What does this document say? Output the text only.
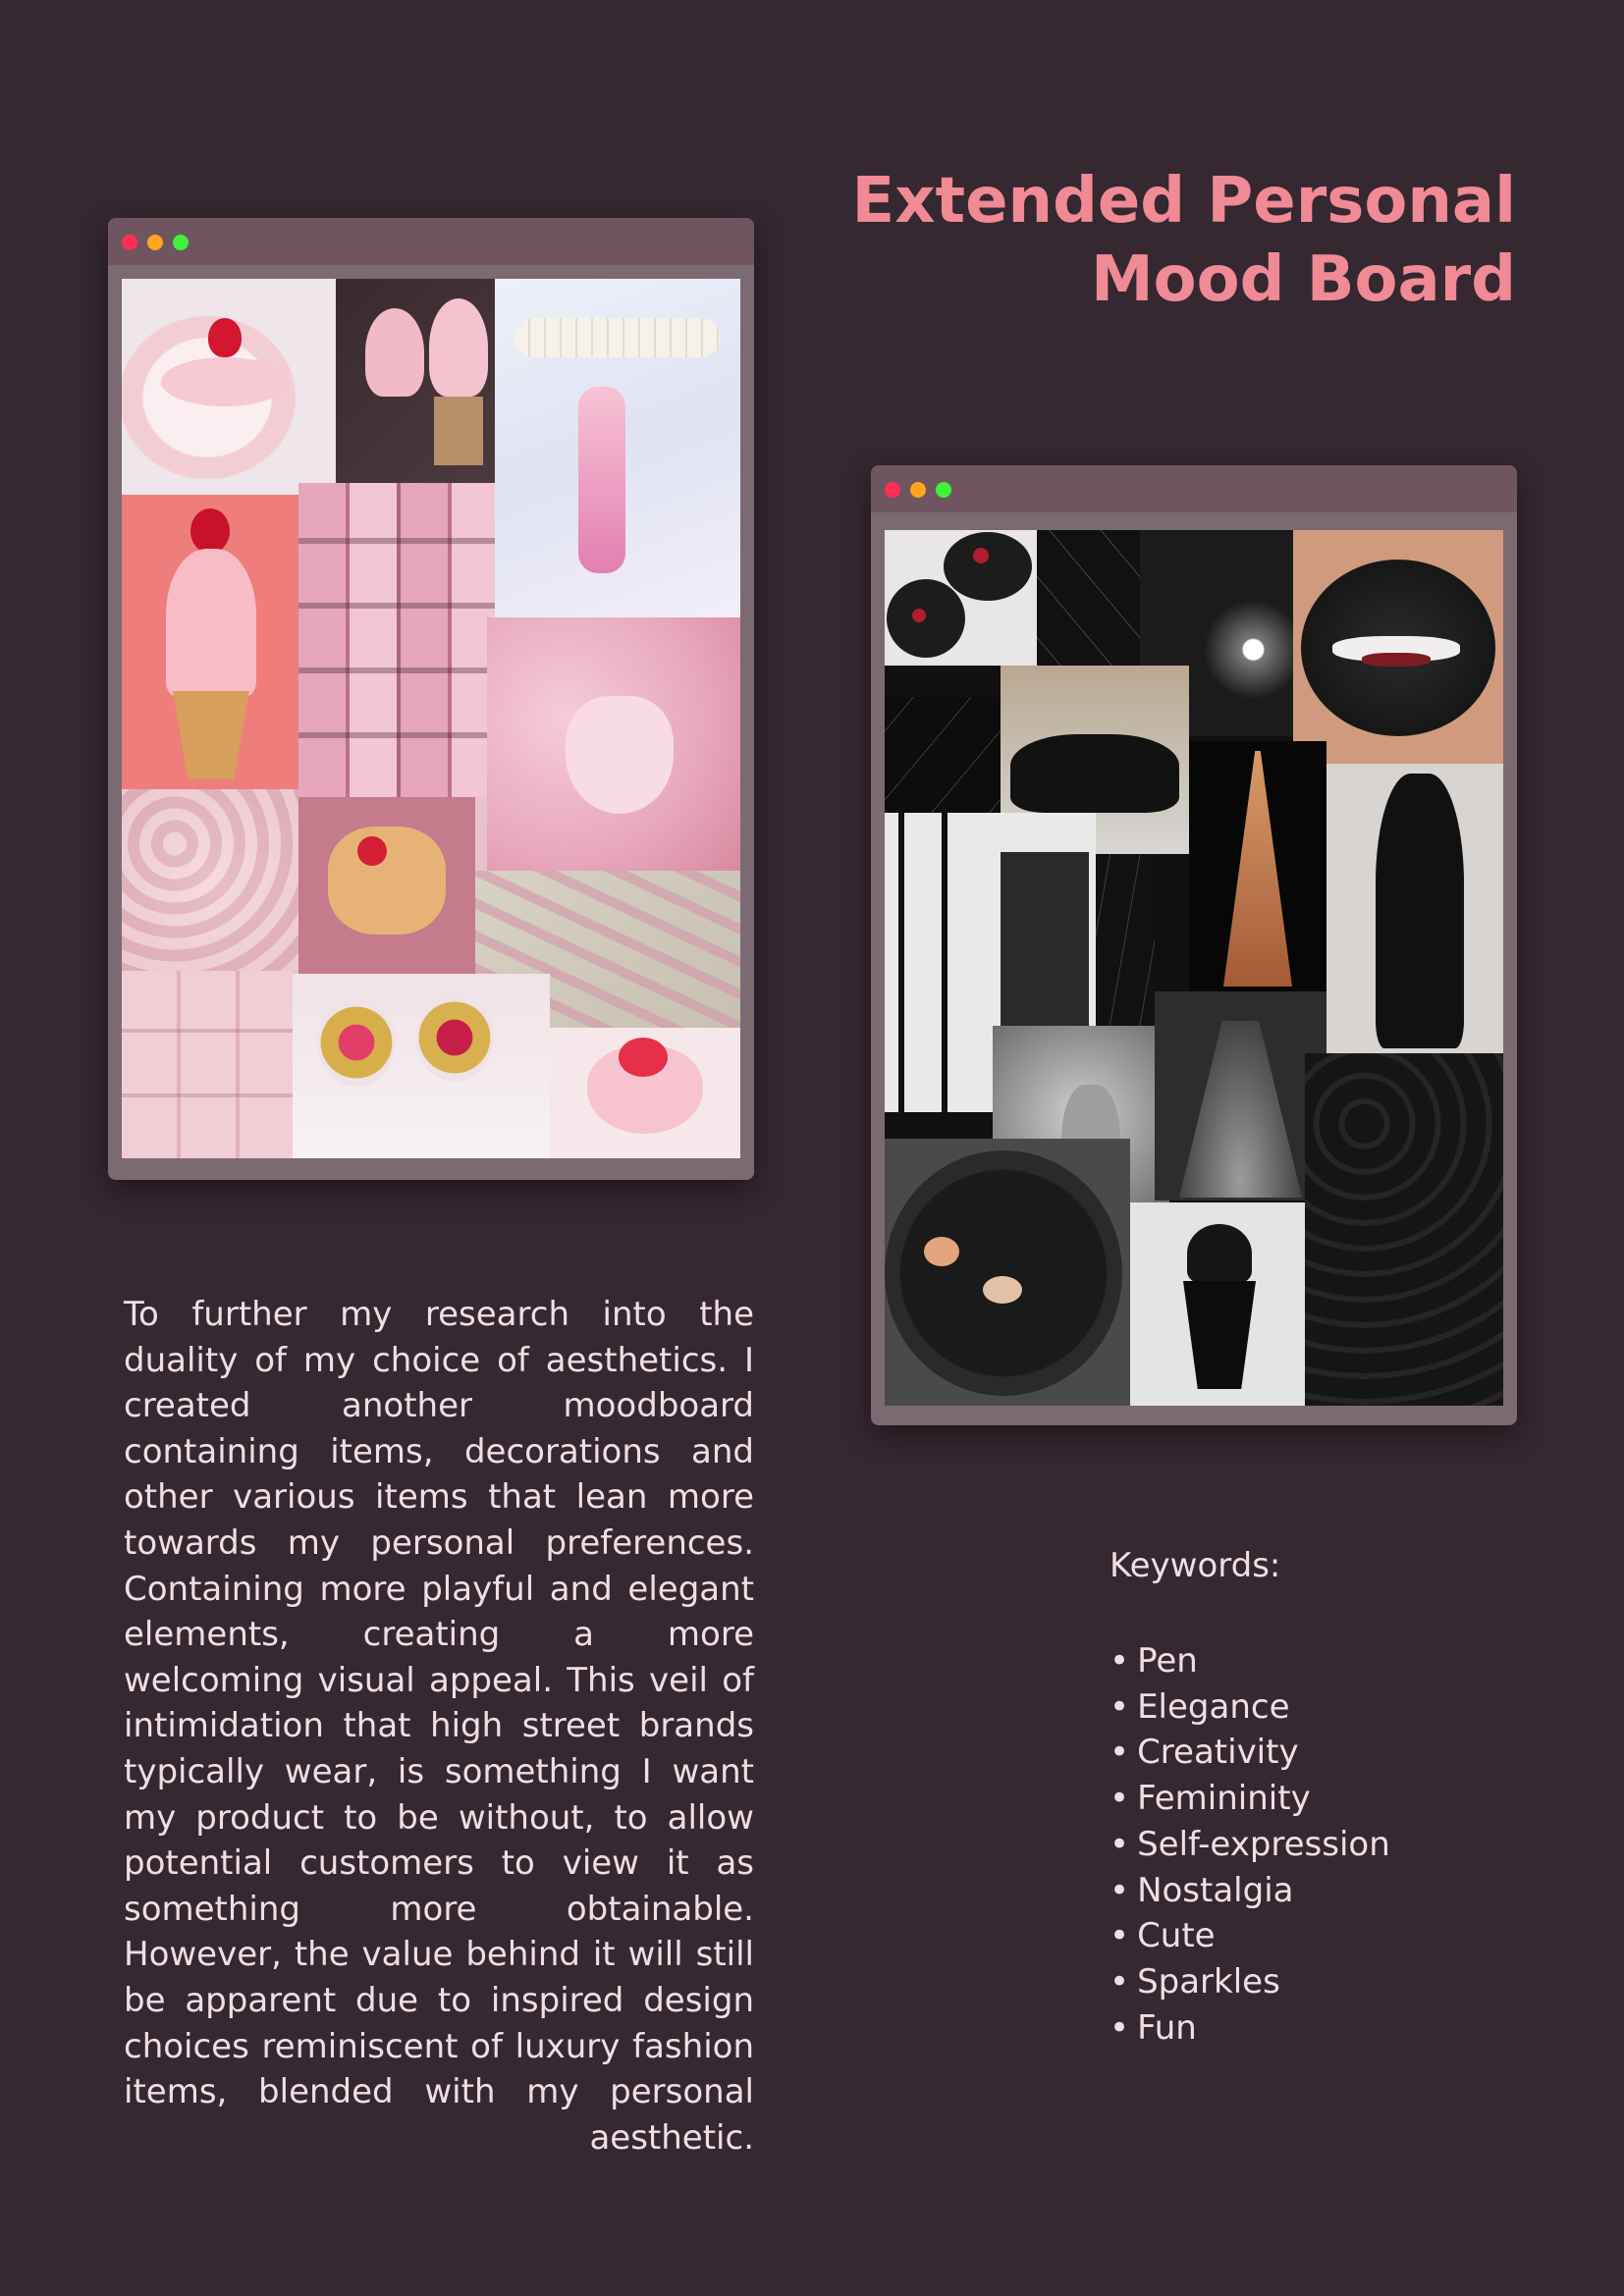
Extended Personal
Mood Board

To further my research into the duality of my choice of aesthetics. I created another moodboard containing items, decorations and other various items that lean more towards my personal preferences. Containing more playful and elegant elements, creating a more welcoming visual appeal. This veil of intimidation that high street brands typically wear, is something I want my product to be without, to allow potential customers to view it as something more obtainable. However, the value behind it will still be apparent due to inspired design choices reminiscent of luxury fashion items, blended with my personal aesthetic.

Keywords:

• Pen
• Elegance
• Creativity
• Femininity
• Self-expression
• Nostalgia
• Cute
• Sparkles
• Fun
